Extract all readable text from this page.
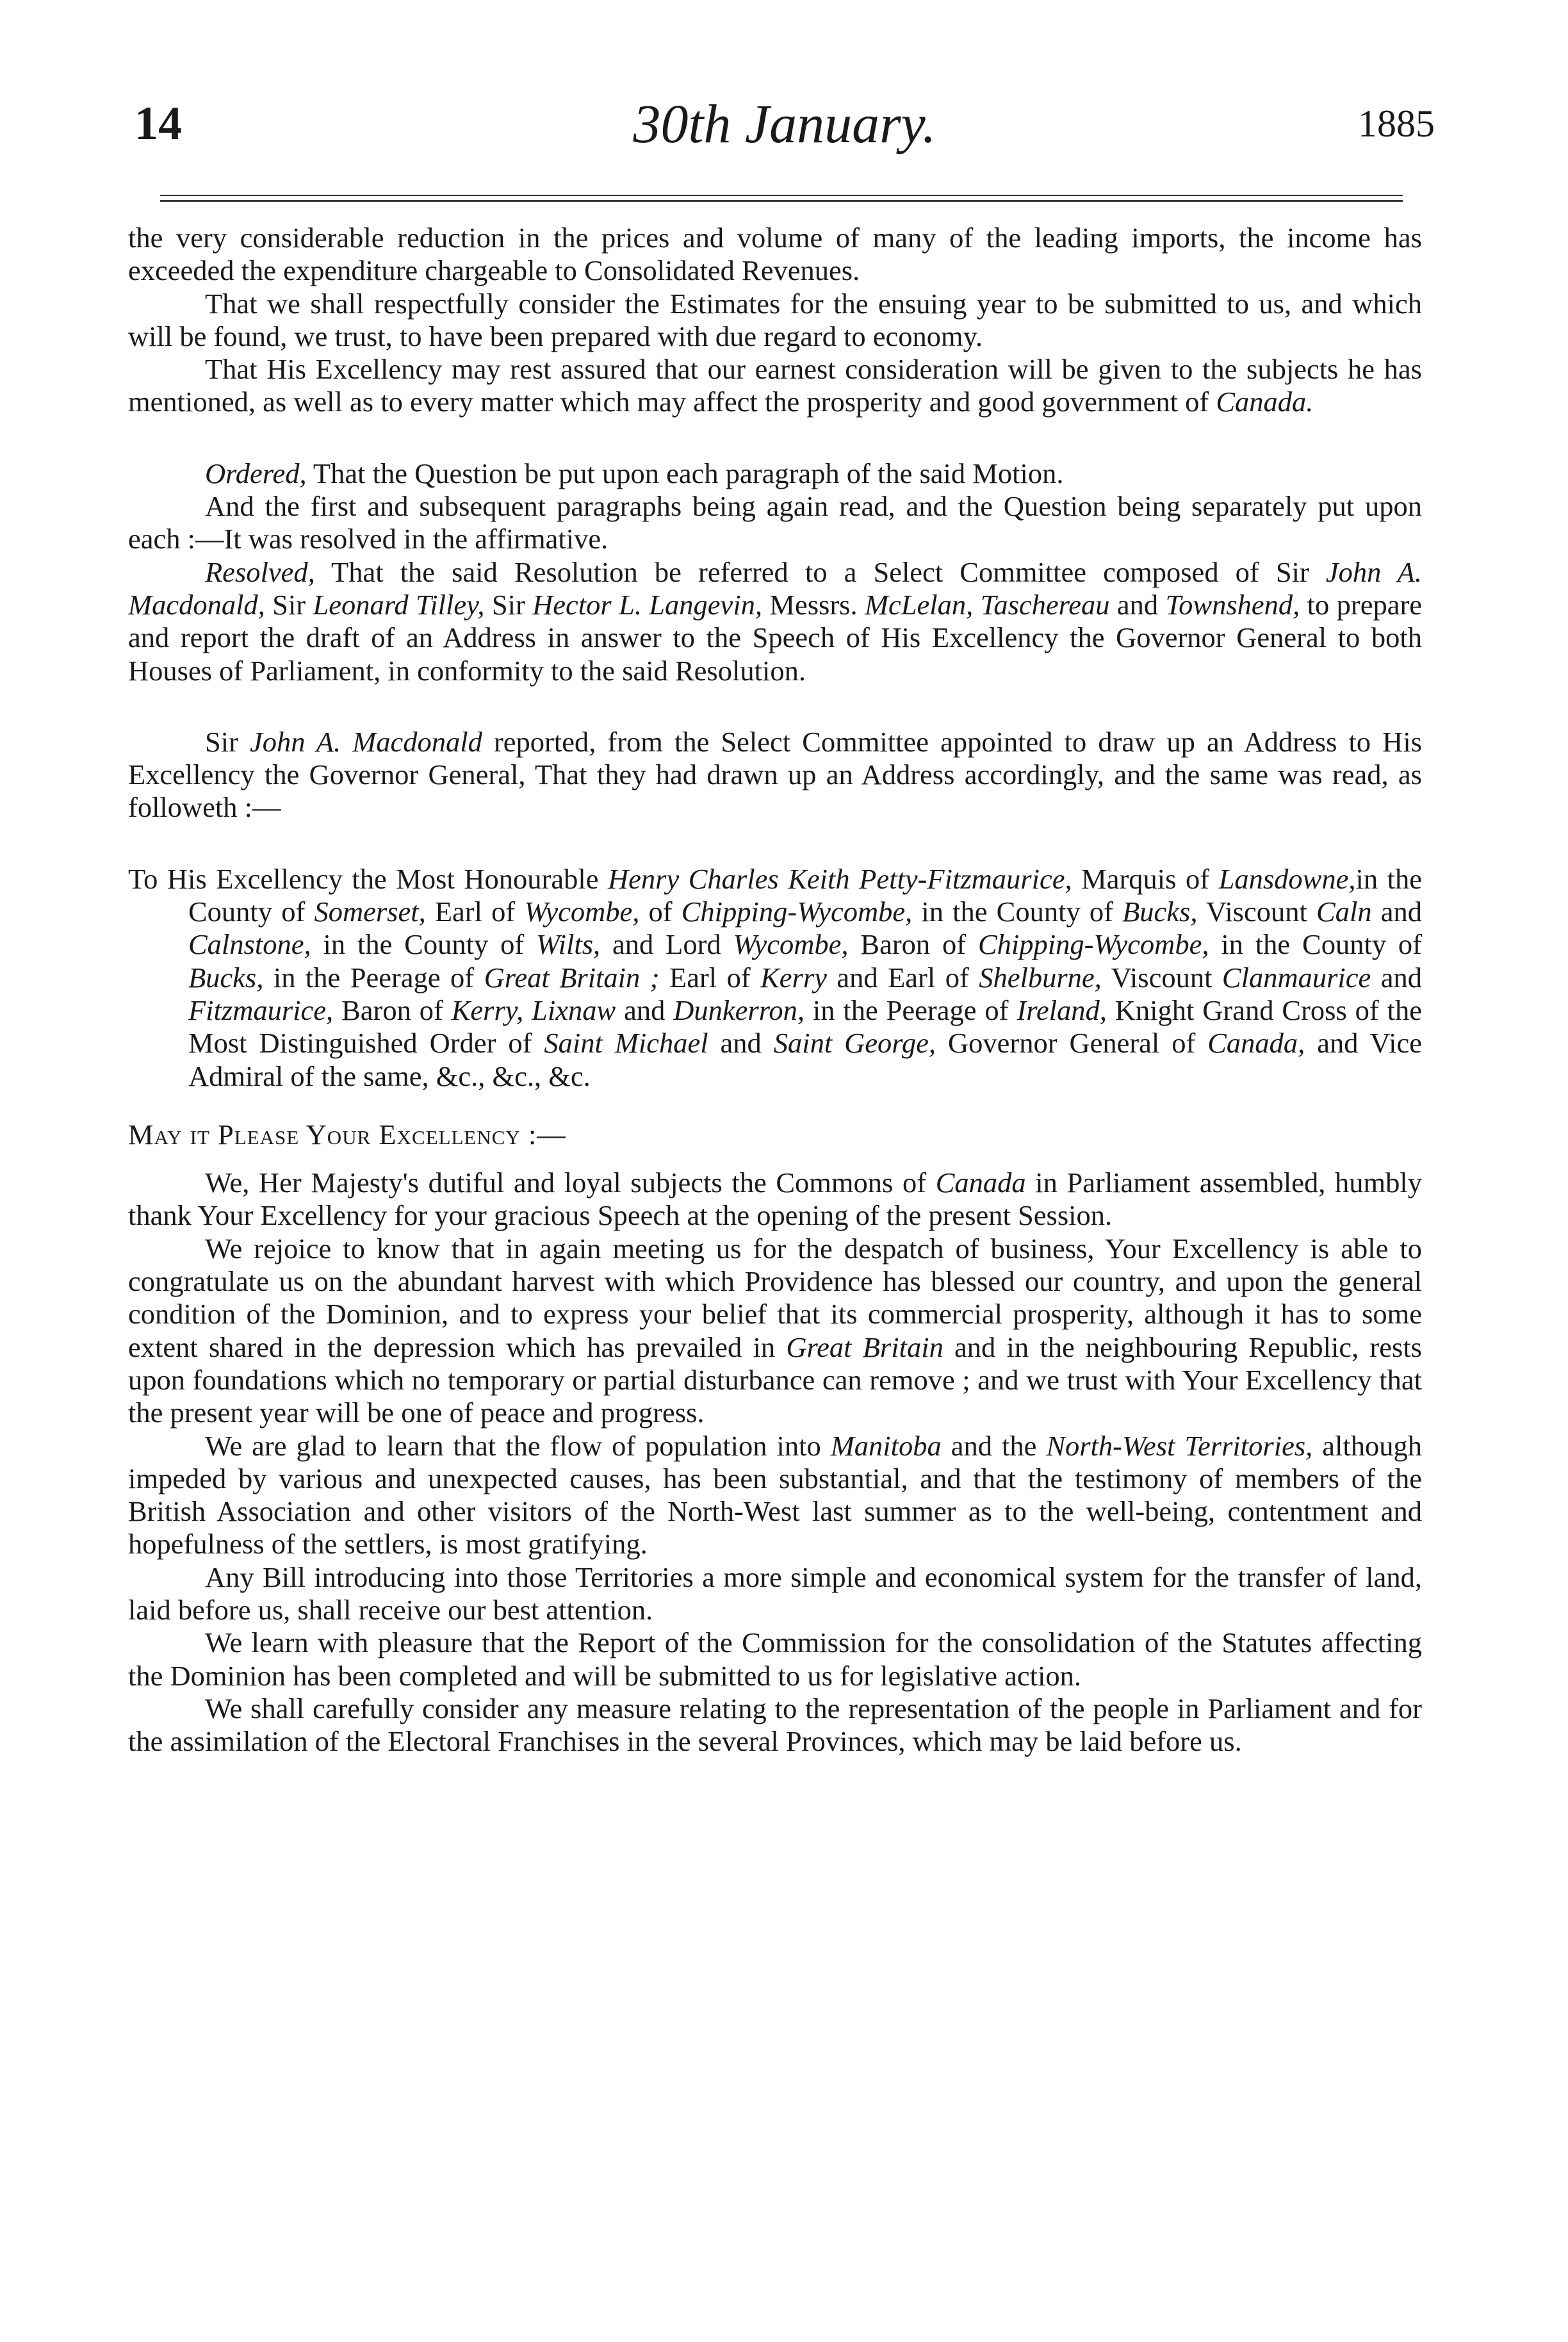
14	30th January.	1885

the very considerable reduction in the prices and volume of many of the leading imports, the income has exceeded the expenditure chargeable to Consolidated Revenues.

That we shall respectfully consider the Estimates for the ensuing year to be submitted to us, and which will be found, we trust, to have been prepared with due regard to economy.

That His Excellency may rest assured that our earnest consideration will be given to the subjects he has mentioned, as well as to every matter which may affect the prosperity and good government of Canada.

Ordered, That the Question be put upon each paragraph of the said Motion.

And the first and subsequent paragraphs being again read, and the Question being separately put upon each :—It was resolved in the affirmative.

Resolved, That the said Resolution be referred to a Select Committee composed of Sir John A. Macdonald, Sir Leonard Tilley, Sir Hector L. Langevin, Messrs. McLelan, Taschereau and Townshend, to prepare and report the draft of an Address in answer to the Speech of His Excellency the Governor General to both Houses of Parliament, in conformity to the said Resolution.

Sir John A. Macdonald reported, from the Select Committee appointed to draw up an Address to His Excellency the Governor General, That they had drawn up an Address accordingly, and the same was read, as followeth :—

To His Excellency the Most Honourable Henry Charles Keith Petty-Fitzmaurice, Marquis of Lansdowne,in the County of Somerset, Earl of Wycombe, of Chipping-Wycombe, in the County of Bucks, Viscount Caln and Calnstone, in the County of Wilts, and Lord Wycombe, Baron of Chipping-Wycombe, in the County of Bucks, in the Peerage of Great Britain ; Earl of Kerry and Earl of Shelburne, Viscount Clanmaurice and Fitzmaurice, Baron of Kerry, Lixnaw and Dunkerron, in the Peerage of Ireland, Knight Grand Cross of the Most Distinguished Order of Saint Michael and Saint George, Governor General of Canada, and Vice Admiral of the same, &c., &c., &c.

May it Please Your Excellency :—

We, Her Majesty's dutiful and loyal subjects the Commons of Canada in Parliament assembled, humbly thank Your Excellency for your gracious Speech at the opening of the present Session.

We rejoice to know that in again meeting us for the despatch of business, Your Excellency is able to congratulate us on the abundant harvest with which Providence has blessed our country, and upon the general condition of the Dominion, and to express your belief that its commercial prosperity, although it has to some extent shared in the depression which has prevailed in Great Britain and in the neighbouring Republic, rests upon foundations which no temporary or partial disturbance can remove ; and we trust with Your Excellency that the present year will be one of peace and progress.

We are glad to learn that the flow of population into Manitoba and the North-West Territories, although impeded by various and unexpected causes, has been substantial, and that the testimony of members of the British Association and other visitors of the North-West last summer as to the well-being, contentment and hopefulness of the settlers, is most gratifying.

Any Bill introducing into those Territories a more simple and economical system for the transfer of land, laid before us, shall receive our best attention.

We learn with pleasure that the Report of the Commission for the consolidation of the Statutes affecting the Dominion has been completed and will be submitted to us for legislative action.

We shall carefully consider any measure relating to the representation of the people in Parliament and for the assimilation of the Electoral Franchises in the several Provinces, which may be laid before us.
